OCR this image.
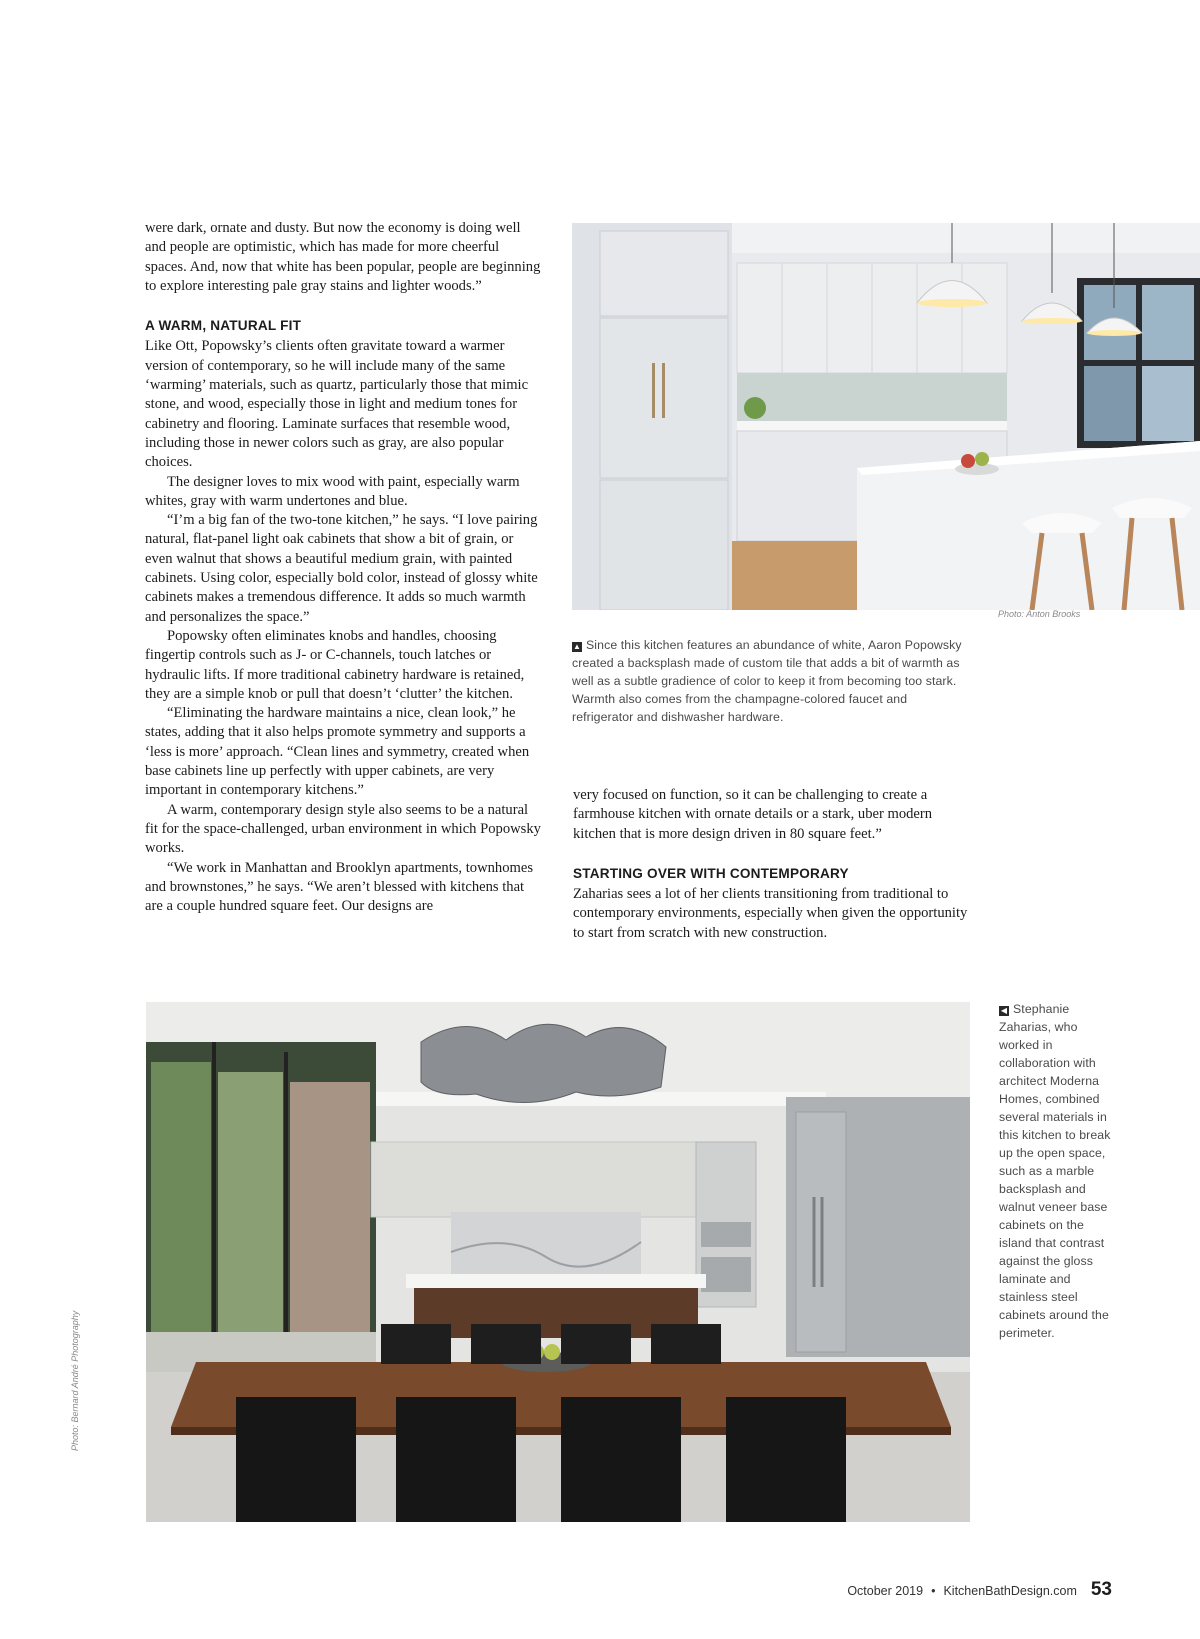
were dark, ornate and dusty. But now the economy is doing well and people are optimistic, which has made for more cheerful spaces. And, now that white has been popular, people are beginning to explore interesting pale gray stains and lighter woods.”

A WARM, NATURAL FIT

Like Ott, Popowsky’s clients often gravitate toward a warmer version of contemporary, so he will include many of the same ‘warming’ materials, such as quartz, particularly those that mimic stone, and wood, especially those in light and medium tones for cabinetry and flooring. Laminate surfaces that resemble wood, including those in newer colors such as gray, are also popular choices.

The designer loves to mix wood with paint, especially warm whites, gray with warm undertones and blue.

“I’m a big fan of the two-tone kitchen,” he says. “I love pairing natural, flat-panel light oak cabinets that show a bit of grain, or even walnut that shows a beautiful medium grain, with painted cabinets. Using color, especially bold color, instead of glossy white cabinets makes a tremendous difference. It adds so much warmth and personalizes the space.”

Popowsky often eliminates knobs and handles, choosing fingertip controls such as J- or C-channels, touch latches or hydraulic lifts. If more traditional cabinetry hardware is retained, they are a simple knob or pull that doesn’t ‘clutter’ the kitchen.

“Eliminating the hardware maintains a nice, clean look,” he states, adding that it also helps promote symmetry and supports a ‘less is more’ approach. “Clean lines and symmetry, created when base cabinets line up perfectly with upper cabinets, are very important in contemporary kitchens.”

A warm, contemporary design style also seems to be a natural fit for the space-challenged, urban environment in which Popowsky works.

“We work in Manhattan and Brooklyn apartments, townhomes and brownstones,” he says. “We aren’t blessed with kitchens that are a couple hundred square feet. Our designs are

Photo: Anton Brooks
▲ Since this kitchen features an abundance of white, Aaron Popowsky created a backsplash made of custom tile that adds a bit of warmth as well as a subtle gradience of color to keep it from becoming too stark. Warmth also comes from the champagne-colored faucet and refrigerator and dishwasher hardware.

very focused on function, so it can be challenging to create a farmhouse kitchen with ornate details or a stark, uber modern kitchen that is more design driven in 80 square feet.”

STARTING OVER WITH CONTEMPORARY

Zaharias sees a lot of her clients transitioning from traditional to contemporary environments, especially when given the opportunity to start from scratch with new construction.

Photo: Bernard André Photography
◀ Stephanie Zaharias, who worked in collaboration with architect Moderna Homes, combined several materials in this kitchen to break up the open space, such as a marble backsplash and walnut veneer base cabinets on the island that contrast against the gloss laminate and stainless steel cabinets around the perimeter.
October 2019 • KitchenBathDesign.com 53
